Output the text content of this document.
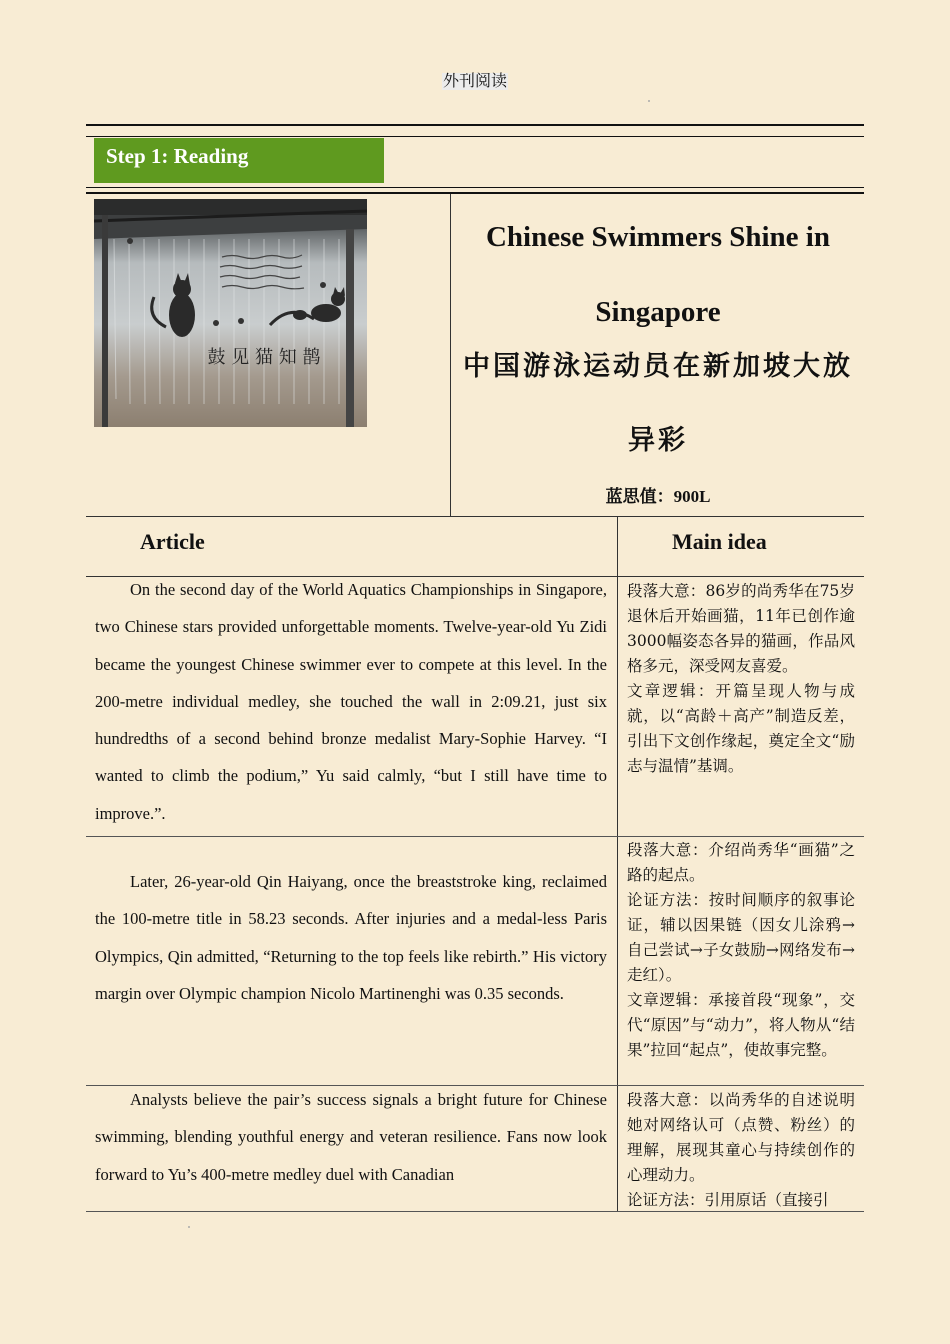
外刊阅读
Step 1: Reading
鼓 见 猫 知 鹊
Chinese Swimmers Shine in Singapore
中国游泳运动员在新加坡大放异彩
蓝思值：900L
Article	Main idea
On the second day of the World Aquatics Championships in Singapore, two Chinese stars provided unforgettable moments. Twelve-year-old Yu Zidi became the youngest Chinese swimmer ever to compete at this level. In the 200-metre individual medley, she touched the wall in 2:09.21, just six hundredths of a second behind bronze medalist Mary-Sophie Harvey. “I wanted to climb the podium,” Yu said calmly, “but I still have time to improve.”.

段落大意：86岁的尚秀华在75岁退休后开始画猫，11年已创作逾3000幅姿态各异的猫画，作品风格多元，深受网友喜爱。

文章逻辑：开篇呈现人物与成就，以“高龄＋高产”制造反差，引出下文创作缘起，奠定全文“励志与温情”基调。

Later, 26-year-old Qin Haiyang, once the breaststroke king, reclaimed the 100-metre title in 58.23 seconds. After injuries and a medal-less Paris Olympics, Qin admitted, “Returning to the top feels like rebirth.” His victory margin over Olympic champion Nicolo Martinenghi was 0.35 seconds.

段落大意：介绍尚秀华“画猫”之路的起点。

论证方法：按时间顺序的叙事论证，辅以因果链（因女儿涂鸦→自己尝试→子女鼓励→网络发布→走红）。

文章逻辑：承接首段“现象”，交代“原因”与“动力”，将人物从“结果”拉回“起点”，使故事完整。

Analysts believe the pair’s success signals a bright future for Chinese swimming, blending youthful energy and veteran resilience. Fans now look forward to Yu’s 400-metre medley duel with Canadian

段落大意：以尚秀华的自述说明她对网络认可（点赞、粉丝）的理解，展现其童心与持续创作的心理动力。

论证方法：引用原话（直接引
